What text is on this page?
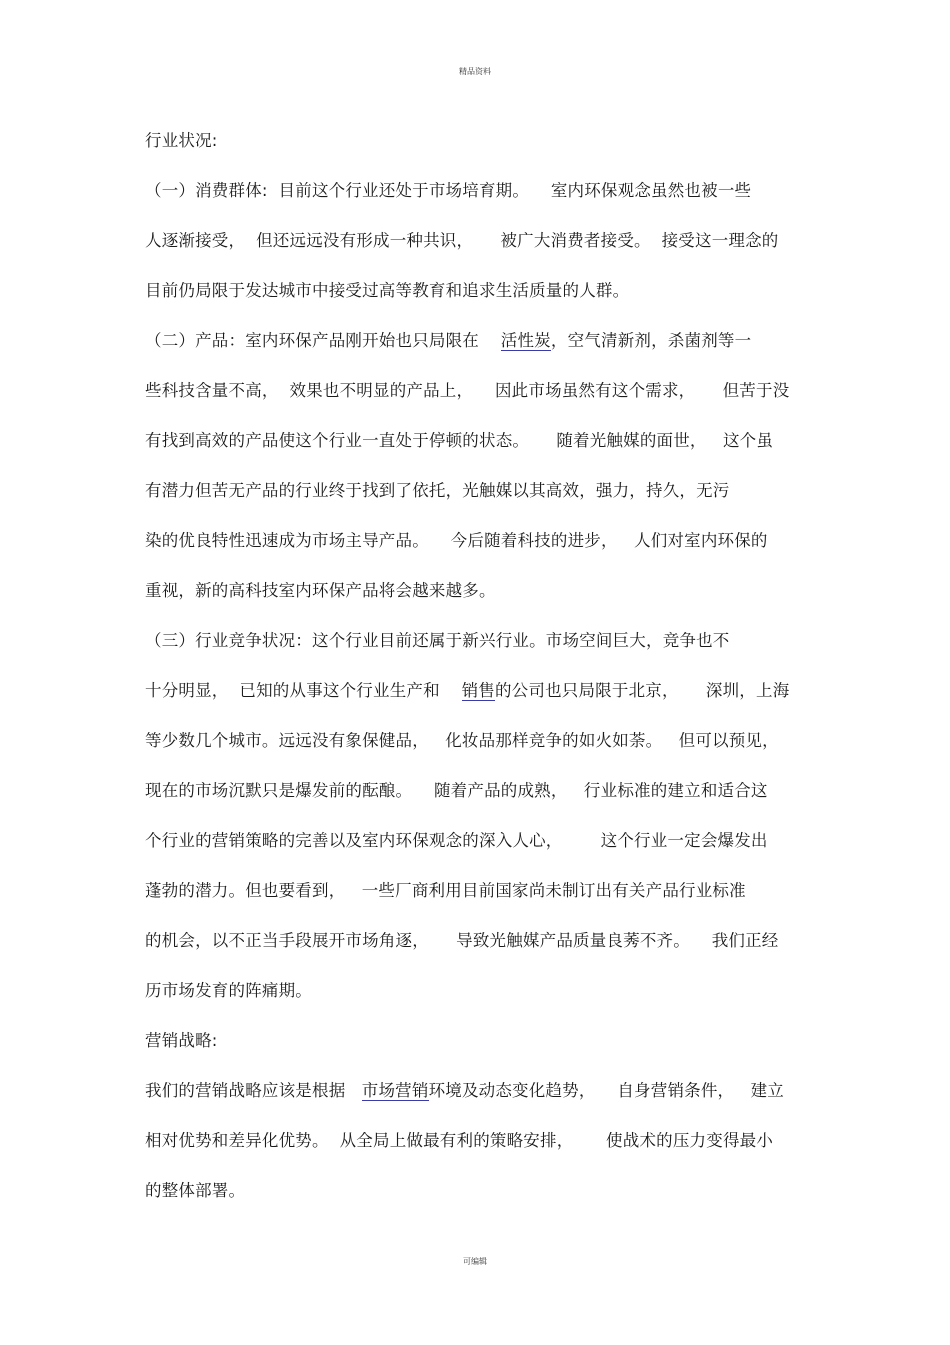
精品资料
行业状况:
（一）消费群体:  目前这个行业还处于市场培育期。    室内环保观念虽然也被一些
人逐渐接受，  但还远远没有形成一种共识，     被广大消费者接受。  接受这一理念的
目前仍局限于发达城市中接受过高等教育和追求生活质量的人群。
（二）产品：室内环保产品刚开始也只局限在    活性炭，空气清新剂，杀菌剂等一
些科技含量不高，  效果也不明显的产品上，    因此市场虽然有这个需求，     但苦于没
有找到高效的产品使这个行业一直处于停顿的状态。     随着光触媒的面世，   这个虽
有潜力但苦无产品的行业终于找到了依托，光触媒以其高效，强力，持久，无污
染的优良特性迅速成为市场主导产品。    今后随着科技的进步，   人们对室内环保的
重视，新的高科技室内环保产品将会越来越多。
（三）行业竞争状况：这个行业目前还属于新兴行业。市场空间巨大，竞争也不
十分明显，  已知的从事这个行业生产和    销售的公司也只局限于北京，     深圳，上海
等少数几个城市。远远没有象保健品，   化妆品那样竞争的如火如荼。   但可以预见，
现在的市场沉默只是爆发前的酝酿。    随着产品的成熟，   行业标准的建立和适合这
个行业的营销策略的完善以及室内环保观念的深入人心，       这个行业一定会爆发出
蓬勃的潜力。但也要看到，   一些厂商利用目前国家尚未制订出有关产品行业标准
的机会，以不正当手段展开市场角逐，     导致光触媒产品质量良莠不齐。    我们正经
历市场发育的阵痛期。
营销战略:
我们的营销战略应该是根据   市场营销环境及动态变化趋势，    自身营销条件，   建立
相对优势和差异化优势。  从全局上做最有利的策略安排，      使战术的压力变得最小
的整体部署。
可编辑
